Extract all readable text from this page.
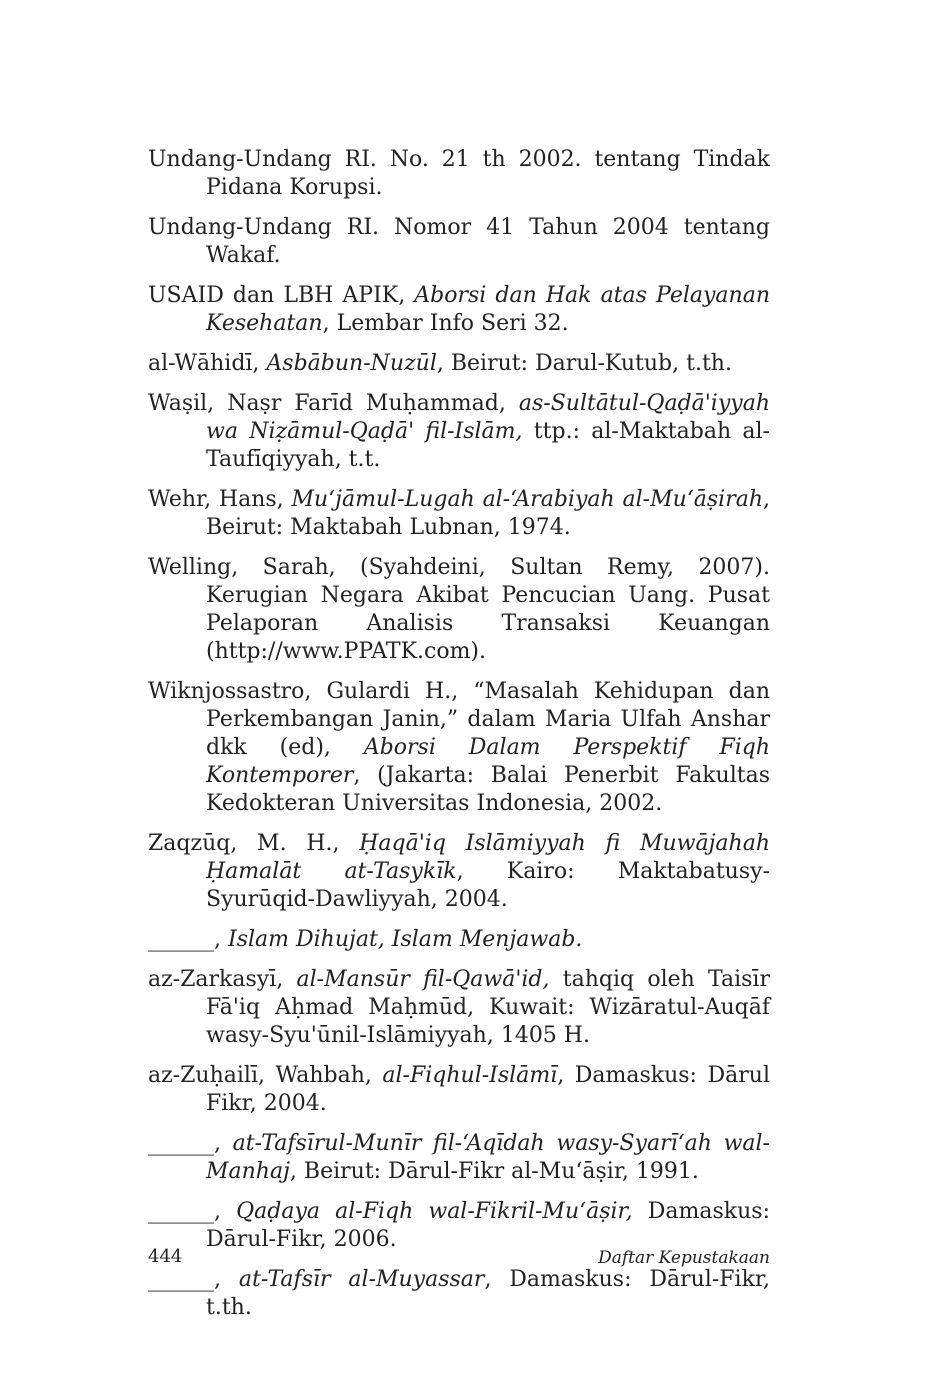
Undang-Undang RI. No. 21 th 2002. tentang Tindak Pidana Korupsi.

Undang-Undang RI. Nomor 41 Tahun 2004 tentang Wakaf.

USAID dan LBH APIK, Aborsi dan Hak atas Pelayanan Kesehatan, Lembar Info Seri 32.

al-Wāhidī, Asbābun-Nuzūl, Beirut: Darul-Kutub, t.th.

Waṣil, Naṣr Farīd Muḥammad, as-Sultātul-Qaḍā'iyyah wa Niẓāmul-Qaḍā' fil-Islām, ttp.: al-Maktabah al-Taufīqiyyah, t.t.

Wehr, Hans, Mu‘jāmul-Lugah al-‘Arabiyah al-Mu‘āṣirah, Beirut: Maktabah Lubnan, 1974.

Welling, Sarah, (Syahdeini, Sultan Remy, 2007). Kerugian Negara Akibat Pencucian Uang. Pusat Pelaporan Analisis Transaksi Keuangan (http://www.PPATK.com).

Wiknjossastro, Gulardi H., “Masalah Kehidupan dan Perkembangan Janin,” dalam Maria Ulfah Anshar dkk (ed), Aborsi Dalam Perspektif Fiqh Kontemporer, (Jakarta: Balai Penerbit Fakultas Kedokteran Universitas Indonesia, 2002.

Zaqzūq, M. H., Ḥaqā'iq Islāmiyyah fi Muwājahah Ḥamalāt at-Tasykīk, Kairo: Maktabatusy-Syurūqid-Dawliyyah, 2004.

______, Islam Dihujat, Islam Menjawab.

az-Zarkasyī, al-Mansūr fil-Qawā'id, tahqiq oleh Taisīr Fā'iq Aḥmad Maḥmūd, Kuwait: Wizāratul-Auqāf wasy-Syu'ūnil-Islāmiyyah, 1405 H.

az-Zuḥailī, Wahbah, al-Fiqhul-Islāmī, Damaskus: Dārul Fikr, 2004.

______, at-Tafsīrul-Munīr fil-‘Aqīdah wasy-Syarī‘ah wal-Manhaj, Beirut: Dārul-Fikr al-Mu‘āṣir, 1991.

______, Qaḍaya al-Fiqh wal-Fikril-Mu‘āṣir, Damaskus: Dārul-Fikr, 2006.

______, at-Tafsīr al-Muyassar, Damaskus: Dārul-Fikr, t.th.

444	Daftar Kepustakaan
